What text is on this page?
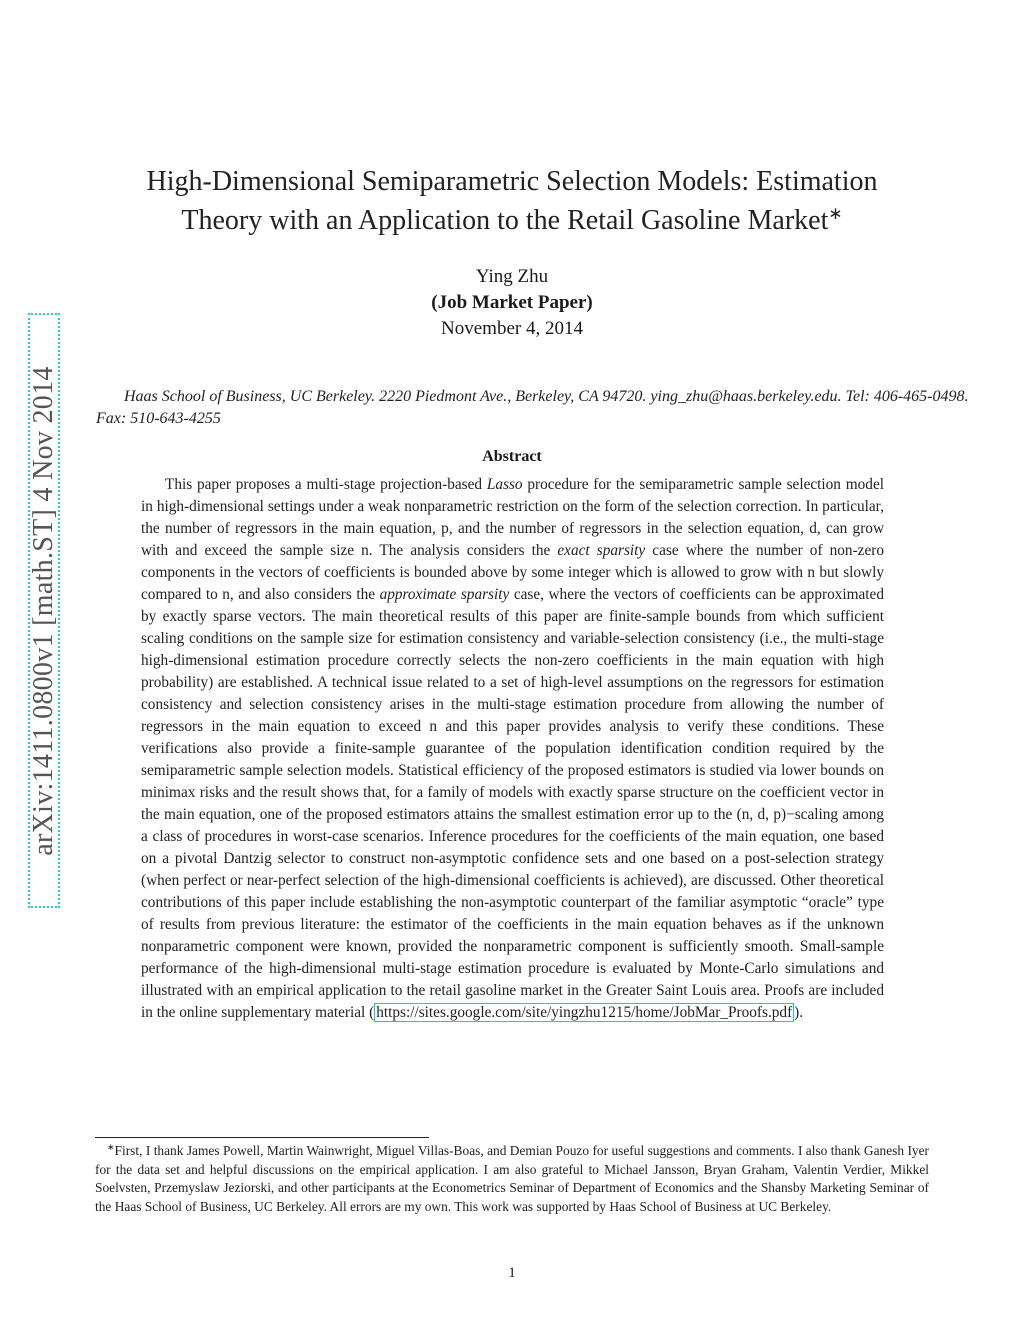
arXiv:1411.0800v1 [math.ST] 4 Nov 2014
High-Dimensional Semiparametric Selection Models: Estimation
Theory with an Application to the Retail Gasoline Market∗
Ying Zhu
(Job Market Paper)
November 4, 2014
Haas School of Business, UC Berkeley. 2220 Piedmont Ave., Berkeley, CA 94720. ying_zhu@haas.berkeley.edu. Tel: 406-465-0498. Fax: 510-643-4255
Abstract
This paper proposes a multi-stage projection-based Lasso procedure for the semiparametric sample selection model in high-dimensional settings under a weak nonparametric restriction on the form of the selection correction. In particular, the number of regressors in the main equation, p, and the number of regressors in the selection equation, d, can grow with and exceed the sample size n. The analysis considers the exact sparsity case where the number of non-zero components in the vectors of coefficients is bounded above by some integer which is allowed to grow with n but slowly compared to n, and also considers the approximate sparsity case, where the vectors of coefficients can be approximated by exactly sparse vectors. The main theoretical results of this paper are finite-sample bounds from which sufficient scaling conditions on the sample size for estimation consistency and variable-selection consistency (i.e., the multi-stage high-dimensional estimation procedure correctly selects the non-zero coefficients in the main equation with high probability) are established. A technical issue related to a set of high-level assumptions on the regressors for estimation consistency and selection consistency arises in the multi-stage estimation procedure from allowing the number of regressors in the main equation to exceed n and this paper provides analysis to verify these conditions. These verifications also provide a finite-sample guarantee of the population identification condition required by the semiparametric sample selection models. Statistical efficiency of the proposed estimators is studied via lower bounds on minimax risks and the result shows that, for a family of models with exactly sparse structure on the coefficient vector in the main equation, one of the proposed estimators attains the smallest estimation error up to the (n, d, p)−scaling among a class of procedures in worst-case scenarios. Inference procedures for the coefficients of the main equation, one based on a pivotal Dantzig selector to construct non-asymptotic confidence sets and one based on a post-selection strategy (when perfect or near-perfect selection of the high-dimensional coefficients is achieved), are discussed. Other theoretical contributions of this paper include establishing the non-asymptotic counterpart of the familiar asymptotic “oracle” type of results from previous literature: the estimator of the coefficients in the main equation behaves as if the unknown nonparametric component were known, provided the nonparametric component is sufficiently smooth. Small-sample performance of the high-dimensional multi-stage estimation procedure is evaluated by Monte-Carlo simulations and illustrated with an empirical application to the retail gasoline market in the Greater Saint Louis area. Proofs are included in the online supplementary material ( https://sites.google.com/site/yingzhu1215/home/JobMar_Proofs.pdf ).
∗First, I thank James Powell, Martin Wainwright, Miguel Villas-Boas, and Demian Pouzo for useful suggestions and comments. I also thank Ganesh Iyer for the data set and helpful discussions on the empirical application. I am also grateful to Michael Jansson, Bryan Graham, Valentin Verdier, Mikkel Soelvsten, Przemyslaw Jeziorski, and other participants at the Econometrics Seminar of Department of Economics and the Shansby Marketing Seminar of the Haas School of Business, UC Berkeley. All errors are my own. This work was supported by Haas School of Business at UC Berkeley.
1
